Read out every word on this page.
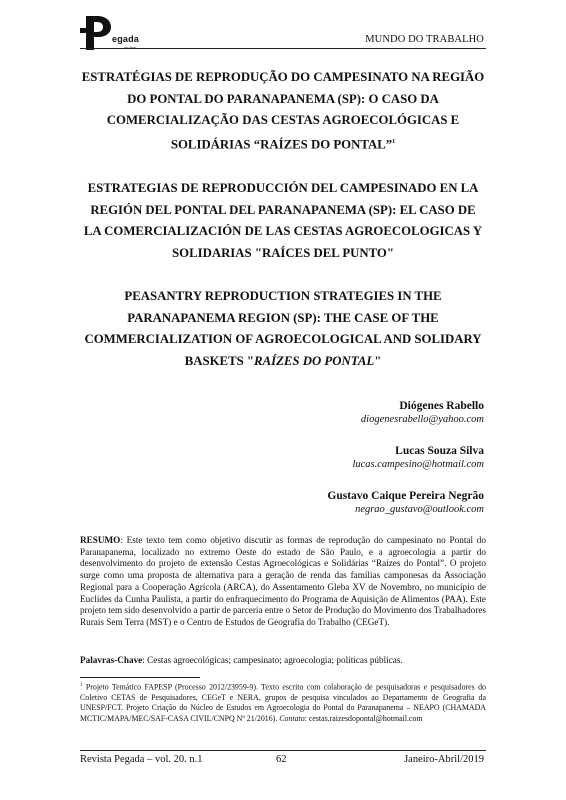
egada
on line
MUNDO DO TRABALHO
ESTRATÉGIAS DE REPRODUÇÃO DO CAMPESINATO NA REGIÃO DO PONTAL DO PARANAPANEMA (SP): O CASO DA COMERCIALIZAÇÃO DAS CESTAS AGROECOLÓGICAS E SOLIDÁRIAS “RAÍZES DO PONTAL”$^1$
ESTRATEGIAS DE REPRODUCCIÓN DEL CAMPESINADO EN LA REGIÓN DEL PONTAL DEL PARANAPANEMA (SP): EL CASO DE LA COMERCIALIZACIÓN DE LAS CESTAS AGROECOLOGICAS Y SOLIDARIAS "RAÍCES DEL PUNTO"
PEASANTRY REPRODUCTION STRATEGIES IN THE PARANAPANEMA REGION (SP): THE CASE OF THE COMMERCIALIZATION OF AGROECOLOGICAL AND SOLIDARY BASKETS "RAÍZES DO PONTAL"
Diógenes Rabello
diogenesrabello@yahoo.com
Lucas Souza Silva
lucas.campesino@hotmail.com
Gustavo Caique Pereira Negrão
negrao_gustavo@outlook.com
RESUMO: Este texto tem como objetivo discutir as formas de reprodução do campesinato no Pontal do Paranapanema, localizado no extremo Oeste do estado de São Paulo, e a agroecologia a partir do desenvolvimento do projeto de extensão Cestas Agroecológicas e Solidárias “Raízes do Pontal”. O projeto surge como uma proposta de alternativa para a geração de renda das famílias camponesas da Associação Regional para a Cooperação Agrícola (ARCA), do Assentamento Gleba XV de Novembro, no município de Euclides da Cunha Paulista, a partir do enfraquecimento do Programa de Aquisição de Alimentos (PAA). Este projeto tem sido desenvolvido a partir de parceria entre o Setor de Produção do Movimento dos Trabalhadores Rurais Sem Terra (MST) e o Centro de Estudos de Geografia do Trabalho (CEGeT).
Palavras-Chave: Cestas agroecológicas; campesinato; agroecologia; políticas públicas.
$^1$ Projeto Temático FAPESP (Processo 2012/23959-9). Texto escrito com colaboração de pesquisadoras e pesquisadores do Coletivo CETAS de Pesquisadores, CEGeT e NERA, grupos de pesquisa vinculados ao Departamento de Geografia da UNESP/FCT. Projeto Criação do Núcleo de Estudos em Agroecologia do Pontal do Paranapanema – NEAPO (CHAMADA MCTIC/MAPA/MEC/SAF-CASA CIVIL/CNPQ Nº 21/2016). Contato: cestas.raizesdopontal@hotmail.com
Revista Pegada – vol. 20. n.1	62	Janeiro-Abril/2019
